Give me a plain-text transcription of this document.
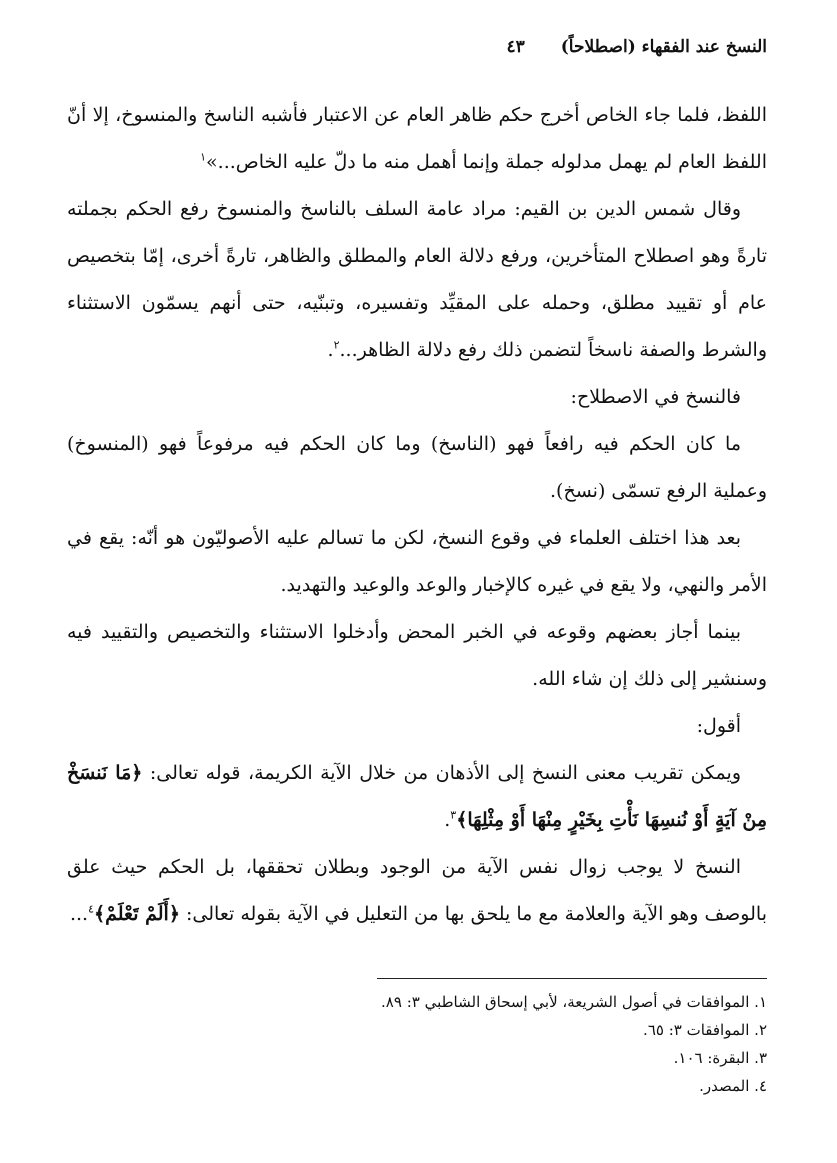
النسخ عند الفقهاء (اصطلاحاً)
٤٣

اللفظ، فلما جاء الخاص أخرج حكم ظاهر العام عن الاعتبار فأشبه الناسخ والمنسوخ، إلا أنّ اللفظ العام لم يهمل مدلوله جملة وإنما أهمل منه ما دلّ عليه الخاص...»$^١$

وقال شمس الدين بن القيم: مراد عامة السلف بالناسخ والمنسوخ رفع الحكم بجملته تارةً وهو اصطلاح المتأخرين، ورفع دلالة العام والمطلق والظاهر، تارةً أخرى، إمّا بتخصيص عام أو تقييد مطلق، وحمله على المقيِّد وتفسيره، وتبنّيه، حتى أنهم يسمّون الاستثناء والشرط والصفة ناسخاً لتضمن ذلك رفع دلالة الظاهر...$^٢$.

فالنسخ في الاصطلاح:

ما كان الحكم فيه رافعاً فهو (الناسخ) وما كان الحكم فيه مرفوعاً فهو (المنسوخ) وعملية الرفع تسمّى (نسخ).

بعد هذا اختلف العلماء في وقوع النسخ، لكن ما تسالم عليه الأصوليّون هو أنّه: يقع في الأمر والنهي، ولا يقع في غيره كالإخبار والوعد والوعيد والتهديد.

بينما أجاز بعضهم وقوعه في الخبر المحض وأدخلوا الاستثناء والتخصيص والتقييد فيه وسنشير إلى ذلك إن شاء الله.

أقول:

ويمكن تقريب معنى النسخ إلى الأذهان من خلال الآية الكريمة، قوله تعالى: ﴿مَا نَنسَخْ مِنْ آيَةٍ أَوْ نُنسِهَا نَأْتِ بِخَيْرٍ مِنْهَا أَوْ مِثْلِهَا﴾$^٣$.

النسخ لا يوجب زوال نفس الآية من الوجود وبطلان تحققها، بل الحكم حيث علق بالوصف وهو الآية والعلامة مع ما يلحق بها من التعليل في الآية بقوله تعالى: ﴿أَلَمْ تَعْلَمْ﴾$^٤$...

١. الموافقات في أصول الشريعة، لأبي إسحاق الشاطبي ٣: ٨٩.
٢. الموافقات ٣: ٦٥.
٣. البقرة: ١٠٦.
٤. المصدر.
